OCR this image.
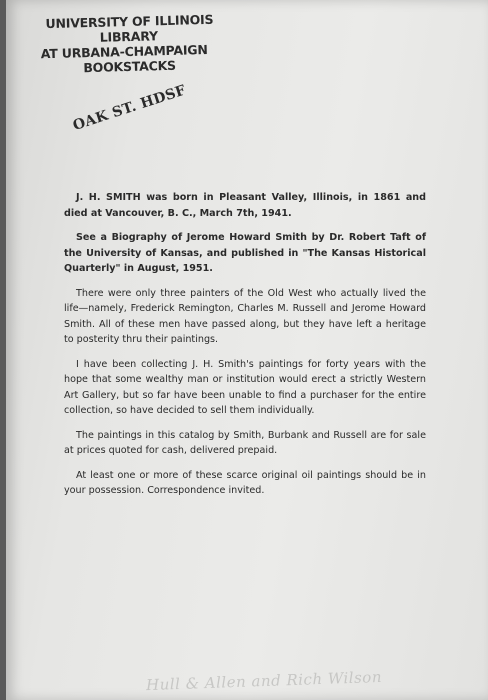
UNIVERSITY OF ILLINOIS
LIBRARY
AT URBANA-CHAMPAIGN
BOOKSTACKS
OAK ST. HDSF

J. H. SMITH was born in Pleasant Valley, Illinois, in 1861 and died at Vancouver, B. C., March 7th, 1941.

See a Biography of Jerome Howard Smith by Dr. Robert Taft of the University of Kansas, and published in "The Kansas Historical Quarterly" in August, 1951.

There were only three painters of the Old West who actually lived the life—namely, Frederick Remington, Charles M. Russell and Jerome Howard Smith. All of these men have passed along, but they have left a heritage to posterity thru their paintings.

I have been collecting J. H. Smith's paintings for forty years with the hope that some wealthy man or institution would erect a strictly Western Art Gallery, but so far have been unable to find a purchaser for the entire collection, so have decided to sell them individually.

The paintings in this catalog by Smith, Burbank and Russell are for sale at prices quoted for cash, delivered prepaid.

At least one or more of these scarce original oil paintings should be in your possession. Correspondence invited.

Hull & Allen and Rich Wilson
